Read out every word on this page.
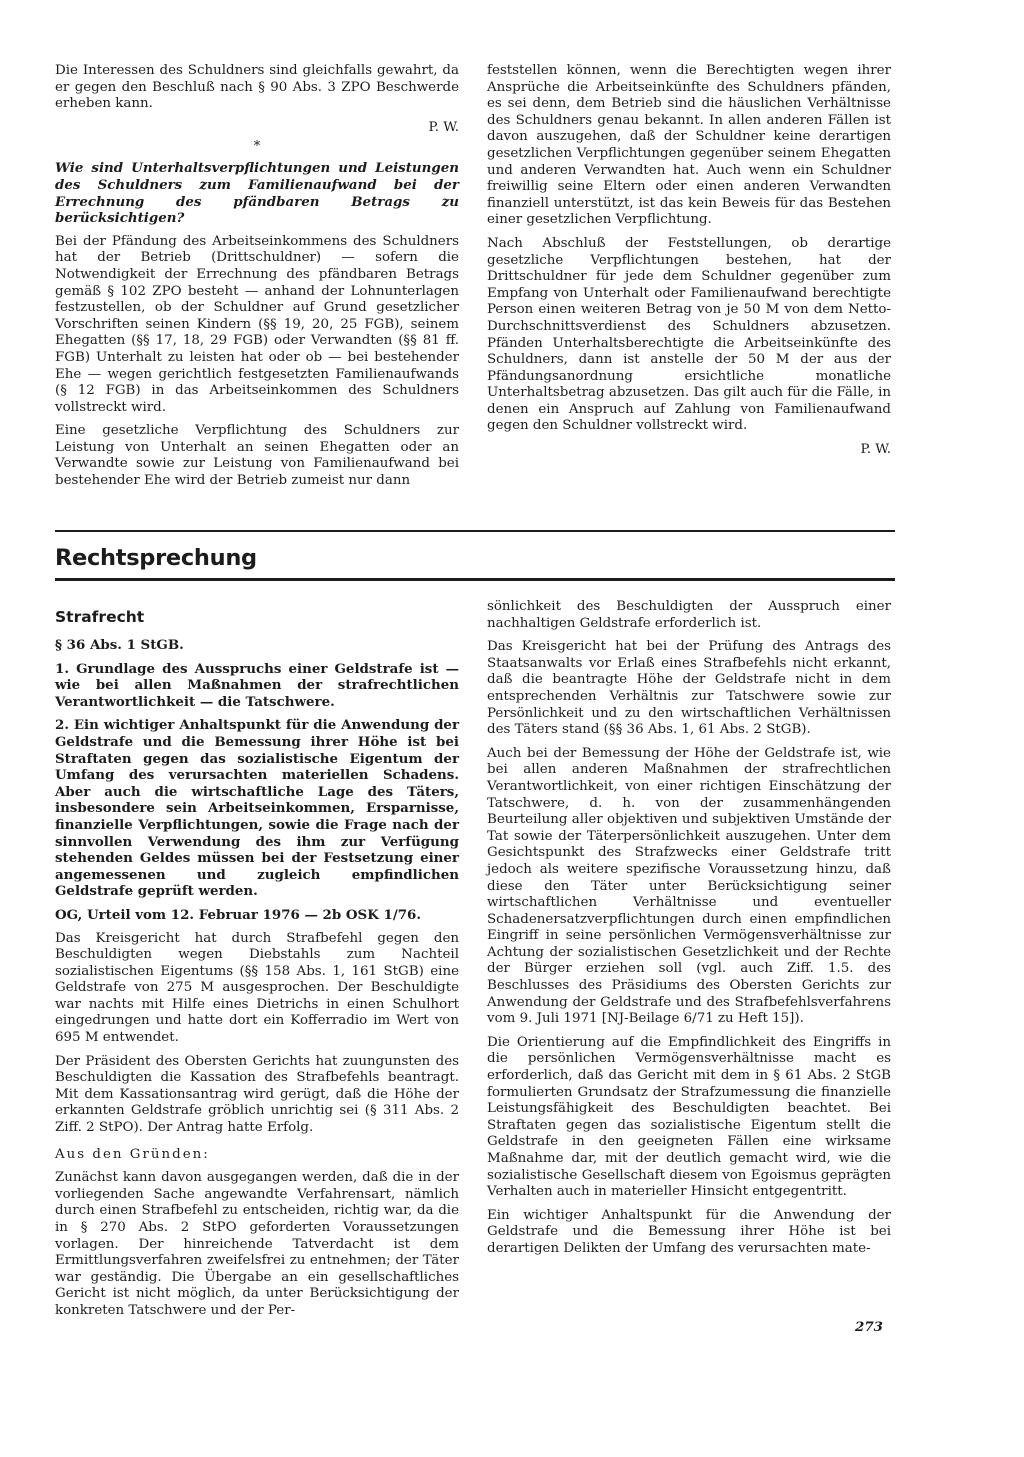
Die Interessen des Schuldners sind gleichfalls gewahrt, da er gegen den Beschluß nach § 90 Abs. 3 ZPO Beschwerde erheben kann.

P. W.
*

Wie sind Unterhaltsverpflichtungen und Leistungen des Schuldners zum Familienaufwand bei der Errechnung des pfändbaren Betrags zu berücksichtigen?

Bei der Pfändung des Arbeitseinkommens des Schuldners hat der Betrieb (Drittschuldner) — sofern die Notwendigkeit der Errechnung des pfändbaren Betrags gemäß § 102 ZPO besteht — anhand der Lohnunterlagen festzustellen, ob der Schuldner auf Grund gesetzlicher Vorschriften seinen Kindern (§§ 19, 20, 25 FGB), seinem Ehegatten (§§ 17, 18, 29 FGB) oder Verwandten (§§ 81 ff. FGB) Unterhalt zu leisten hat oder ob — bei bestehender Ehe — wegen gerichtlich festgesetzten Familienaufwands (§ 12 FGB) in das Arbeitseinkommen des Schuldners vollstreckt wird.

Eine gesetzliche Verpflichtung des Schuldners zur Leistung von Unterhalt an seinen Ehegatten oder an Verwandte sowie zur Leistung von Familienaufwand bei bestehender Ehe wird der Betrieb zumeist nur dann

feststellen können, wenn die Berechtigten wegen ihrer Ansprüche die Arbeitseinkünfte des Schuldners pfänden, es sei denn, dem Betrieb sind die häuslichen Verhältnisse des Schuldners genau bekannt. In allen anderen Fällen ist davon auszugehen, daß der Schuldner keine derartigen gesetzlichen Verpflichtungen gegenüber seinem Ehegatten und anderen Verwandten hat. Auch wenn ein Schuldner freiwillig seine Eltern oder einen anderen Verwandten finanziell unterstützt, ist das kein Beweis für das Bestehen einer gesetzlichen Verpflichtung.

Nach Abschluß der Feststellungen, ob derartige gesetzliche Verpflichtungen bestehen, hat der Drittschuldner für jede dem Schuldner gegenüber zum Empfang von Unterhalt oder Familienaufwand berechtigte Person einen weiteren Betrag von je 50 M von dem Netto-Durchschnittsverdienst des Schuldners abzusetzen. Pfänden Unterhaltsberechtigte die Arbeitseinkünfte des Schuldners, dann ist anstelle der 50 M der aus der Pfändungsanordnung ersichtliche monatliche Unterhaltsbetrag abzusetzen. Das gilt auch für die Fälle, in denen ein Anspruch auf Zahlung von Familienaufwand gegen den Schuldner vollstreckt wird.

P. W.
Rechtsprechung
Strafrecht

§ 36 Abs. 1 StGB.

1. Grundlage des Ausspruchs einer Geldstrafe ist — wie bei allen Maßnahmen der strafrechtlichen Verantwortlichkeit — die Tatschwere.

2. Ein wichtiger Anhaltspunkt für die Anwendung der Geldstrafe und die Bemessung ihrer Höhe ist bei Straftaten gegen das sozialistische Eigentum der Umfang des verursachten materiellen Schadens. Aber auch die wirtschaftliche Lage des Täters, insbesondere sein Arbeitseinkommen, Ersparnisse, finanzielle Verpflichtungen, sowie die Frage nach der sinnvollen Verwendung des ihm zur Verfügung stehenden Geldes müssen bei der Festsetzung einer angemessenen und zugleich empfindlichen Geldstrafe geprüft werden.

OG, Urteil vom 12. Februar 1976 — 2b OSK 1/76.

Das Kreisgericht hat durch Strafbefehl gegen den Beschuldigten wegen Diebstahls zum Nachteil sozialistischen Eigentums (§§ 158 Abs. 1, 161 StGB) eine Geldstrafe von 275 M ausgesprochen. Der Beschuldigte war nachts mit Hilfe eines Dietrichs in einen Schulhort eingedrungen und hatte dort ein Kofferradio im Wert von 695 M entwendet.

Der Präsident des Obersten Gerichts hat zuungunsten des Beschuldigten die Kassation des Strafbefehls beantragt. Mit dem Kassationsantrag wird gerügt, daß die Höhe der erkannten Geldstrafe gröblich unrichtig sei (§ 311 Abs. 2 Ziff. 2 StPO). Der Antrag hatte Erfolg.

Aus den Gründen:

Zunächst kann davon ausgegangen werden, daß die in der vorliegenden Sache angewandte Verfahrensart, nämlich durch einen Strafbefehl zu entscheiden, richtig war, da die in § 270 Abs. 2 StPO geforderten Voraussetzungen vorlagen. Der hinreichende Tatverdacht ist dem Ermittlungsverfahren zweifelsfrei zu entnehmen; der Täter war geständig. Die Übergabe an ein gesellschaftliches Gericht ist nicht möglich, da unter Berücksichtigung der konkreten Tatschwere und der Per-

sönlichkeit des Beschuldigten der Ausspruch einer nachhaltigen Geldstrafe erforderlich ist.

Das Kreisgericht hat bei der Prüfung des Antrags des Staatsanwalts vor Erlaß eines Strafbefehls nicht erkannt, daß die beantragte Höhe der Geldstrafe nicht in dem entsprechenden Verhältnis zur Tatschwere sowie zur Persönlichkeit und zu den wirtschaftlichen Verhältnissen des Täters stand (§§ 36 Abs. 1, 61 Abs. 2 StGB).

Auch bei der Bemessung der Höhe der Geldstrafe ist, wie bei allen anderen Maßnahmen der strafrechtlichen Verantwortlichkeit, von einer richtigen Einschätzung der Tatschwere, d. h. von der zusammenhängenden Beurteilung aller objektiven und subjektiven Umstände der Tat sowie der Täterpersönlichkeit auszugehen. Unter dem Gesichtspunkt des Strafzwecks einer Geldstrafe tritt jedoch als weitere spezifische Voraussetzung hinzu, daß diese den Täter unter Berücksichtigung seiner wirtschaftlichen Verhältnisse und eventueller Schadenersatzverpflichtungen durch einen empfindlichen Eingriff in seine persönlichen Vermögensverhältnisse zur Achtung der sozialistischen Gesetzlichkeit und der Rechte der Bürger erziehen soll (vgl. auch Ziff. 1.5. des Beschlusses des Präsidiums des Obersten Gerichts zur Anwendung der Geldstrafe und des Strafbefehlsverfahrens vom 9. Juli 1971 [NJ-Beilage 6/71 zu Heft 15]).

Die Orientierung auf die Empfindlichkeit des Eingriffs in die persönlichen Vermögensverhältnisse macht es erforderlich, daß das Gericht mit dem in § 61 Abs. 2 StGB formulierten Grundsatz der Strafzumessung die finanzielle Leistungsfähigkeit des Beschuldigten beachtet. Bei Straftaten gegen das sozialistische Eigentum stellt die Geldstrafe in den geeigneten Fällen eine wirksame Maßnahme dar, mit der deutlich gemacht wird, wie die sozialistische Gesellschaft diesem von Egoismus geprägten Verhalten auch in materieller Hinsicht entgegentritt.

Ein wichtiger Anhaltspunkt für die Anwendung der Geldstrafe und die Bemessung ihrer Höhe ist bei derartigen Delikten der Umfang des verursachten mate-

273
